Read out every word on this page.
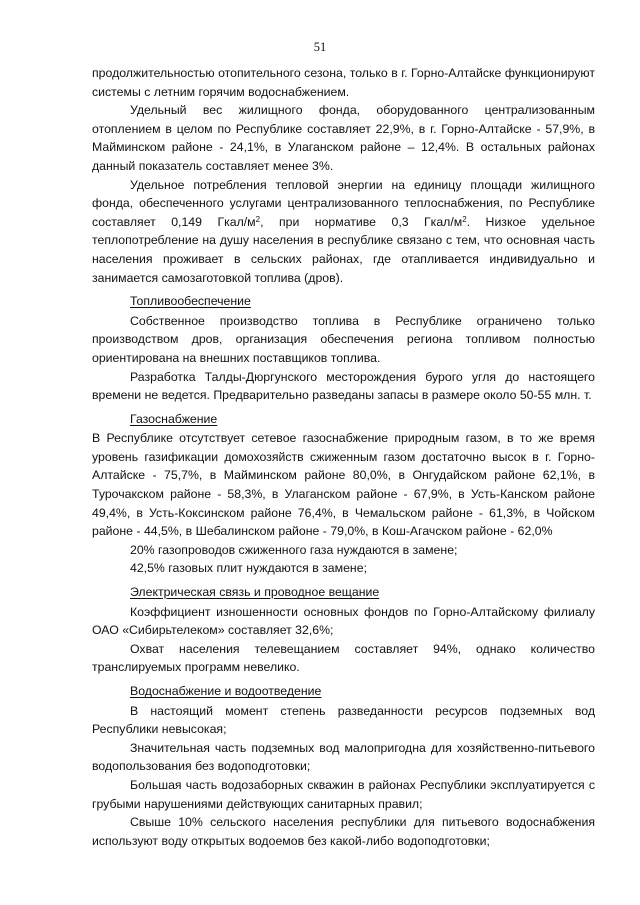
51

продолжительностью отопительного сезона, только в г. Горно-Алтайске функционируют системы с летним горячим водоснабжением.

Удельный вес жилищного фонда, оборудованного централизованным отоплением в целом по Республике составляет 22,9%, в г. Горно-Алтайске - 57,9%, в Майминском районе - 24,1%, в Улаганском районе – 12,4%. В остальных районах данный показатель составляет менее 3%.

Удельное потребления тепловой энергии на единицу площади жилищного фонда, обеспеченного услугами централизованного теплоснабжения, по Республике составляет 0,149 Гкал/$м^2$, при нормативе 0,3 Гкал/$м^2$. Низкое удельное теплопотребление на душу населения в республике связано с тем, что основная часть населения проживает в сельских районах, где отапливается индивидуально и занимается самозаготовкой топлива (дров).

Топливообеспечение

Собственное производство топлива в Республике ограничено только производством дров, организация обеспечения региона топливом полностью ориентирована на внешних поставщиков топлива.

Разработка Талды-Дюргунского месторождения бурого угля до настоящего времени не ведется. Предварительно разведаны запасы в размере около 50-55 млн. т.

Газоснабжение

В Республике отсутствует сетевое газоснабжение природным газом, в то же время уровень газификации домохозяйств сжиженным газом достаточно высок в г. Горно-Алтайске - 75,7%, в Майминском районе 80,0%, в Онгудайском районе 62,1%, в Турочакском районе - 58,3%, в Улаганском районе - 67,9%, в Усть-Канском районе 49,4%, в Усть-Коксинском районе 76,4%, в Чемальском районе - 61,3%, в Чойском районе - 44,5%, в Шебалинском районе - 79,0%, в Кош-Агачском районе - 62,0%

20% газопроводов сжиженного газа нуждаются в замене;

42,5% газовых плит нуждаются в замене;

Электрическая связь и проводное вещание

Коэффициент изношенности основных фондов по Горно-Алтайскому филиалу ОАО «Сибирьтелеком» составляет 32,6%;

Охват населения телевещанием составляет 94%, однако количество транслируемых программ невелико.

Водоснабжение и водоотведение

В настоящий момент степень разведанности ресурсов подземных вод Республики невысокая;

Значительная часть подземных вод малопригодна для хозяйственно-питьевого водопользования без водоподготовки;

Большая часть водозаборных скважин в районах Республики эксплуатируется с грубыми нарушениями действующих санитарных правил;

Свыше 10% сельского населения республики для питьевого водоснабжения используют воду открытых водоемов без какой-либо водоподготовки;
